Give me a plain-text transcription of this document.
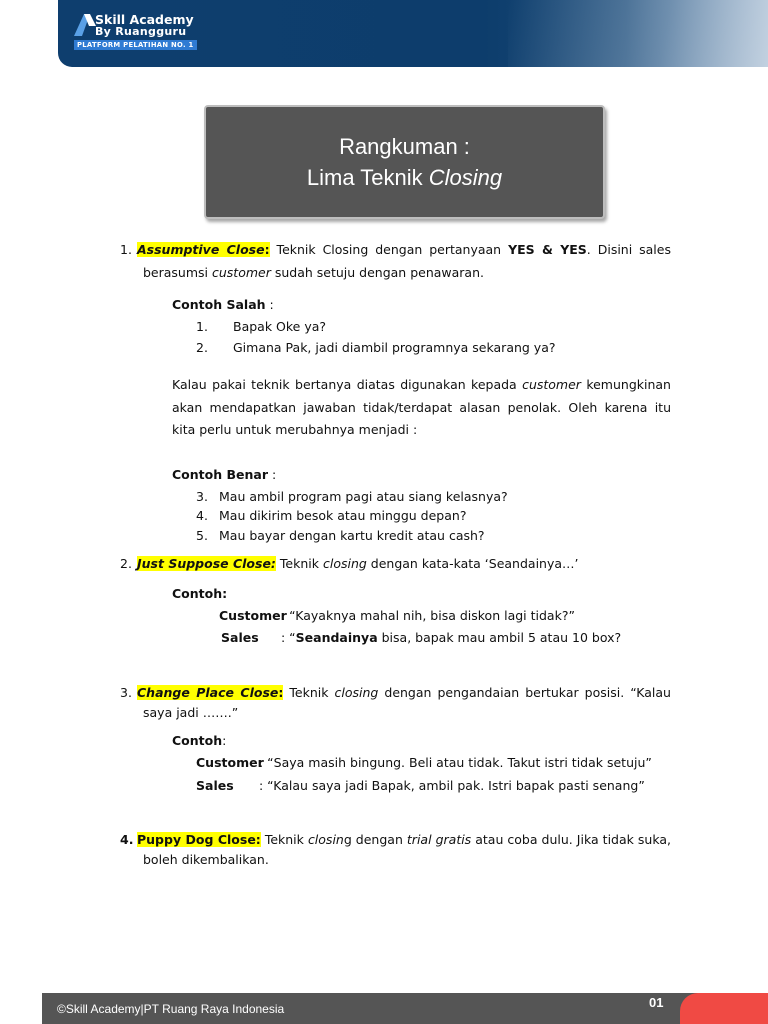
Skill Academy
By Ruangguru
PLATFORM PELATIHAN NO. 1
Rangkuman :
Lima Teknik Closing
1. Assumptive Close: Teknik Closing dengan pertanyaan YES & YES. Disini sales
berasumsi customer sudah setuju dengan penawaran.
Contoh Salah :
1. Bapak Oke ya?
2. Gimana Pak, jadi diambil programnya sekarang ya?
Kalau pakai teknik bertanya diatas digunakan kepada customer kemungkinan
akan mendapatkan jawaban tidak/terdapat alasan penolak. Oleh karena itu
kita perlu untuk merubahnya menjadi :
Contoh Benar :
3. Mau ambil program pagi atau siang kelasnya?
4. Mau dikirim besok atau minggu depan?
5. Mau bayar dengan kartu kredit atau cash?
2. Just Suppose Close: Teknik closing dengan kata-kata ‘Seandainya…’
Contoh:
Customer
: “Kayaknya mahal nih, bisa diskon lagi tidak?”
Sales : “Seandainya bisa, bapak mau ambil 5 atau 10 box?
3. Change Place Close: Teknik closing dengan pengandaian bertukar posisi. “Kalau
saya jadi …….”
Contoh:
Customer
: “Saya masih bingung. Beli atau tidak. Takut istri tidak setuju”
Sales : “Kalau saya jadi Bapak, ambil pak. Istri bapak pasti senang”
4. Puppy Dog Close: Teknik closing dengan trial gratis atau coba dulu. Jika tidak suka,
boleh dikembalikan.
©Skill Academy|PT Ruang Raya Indonesia	01
